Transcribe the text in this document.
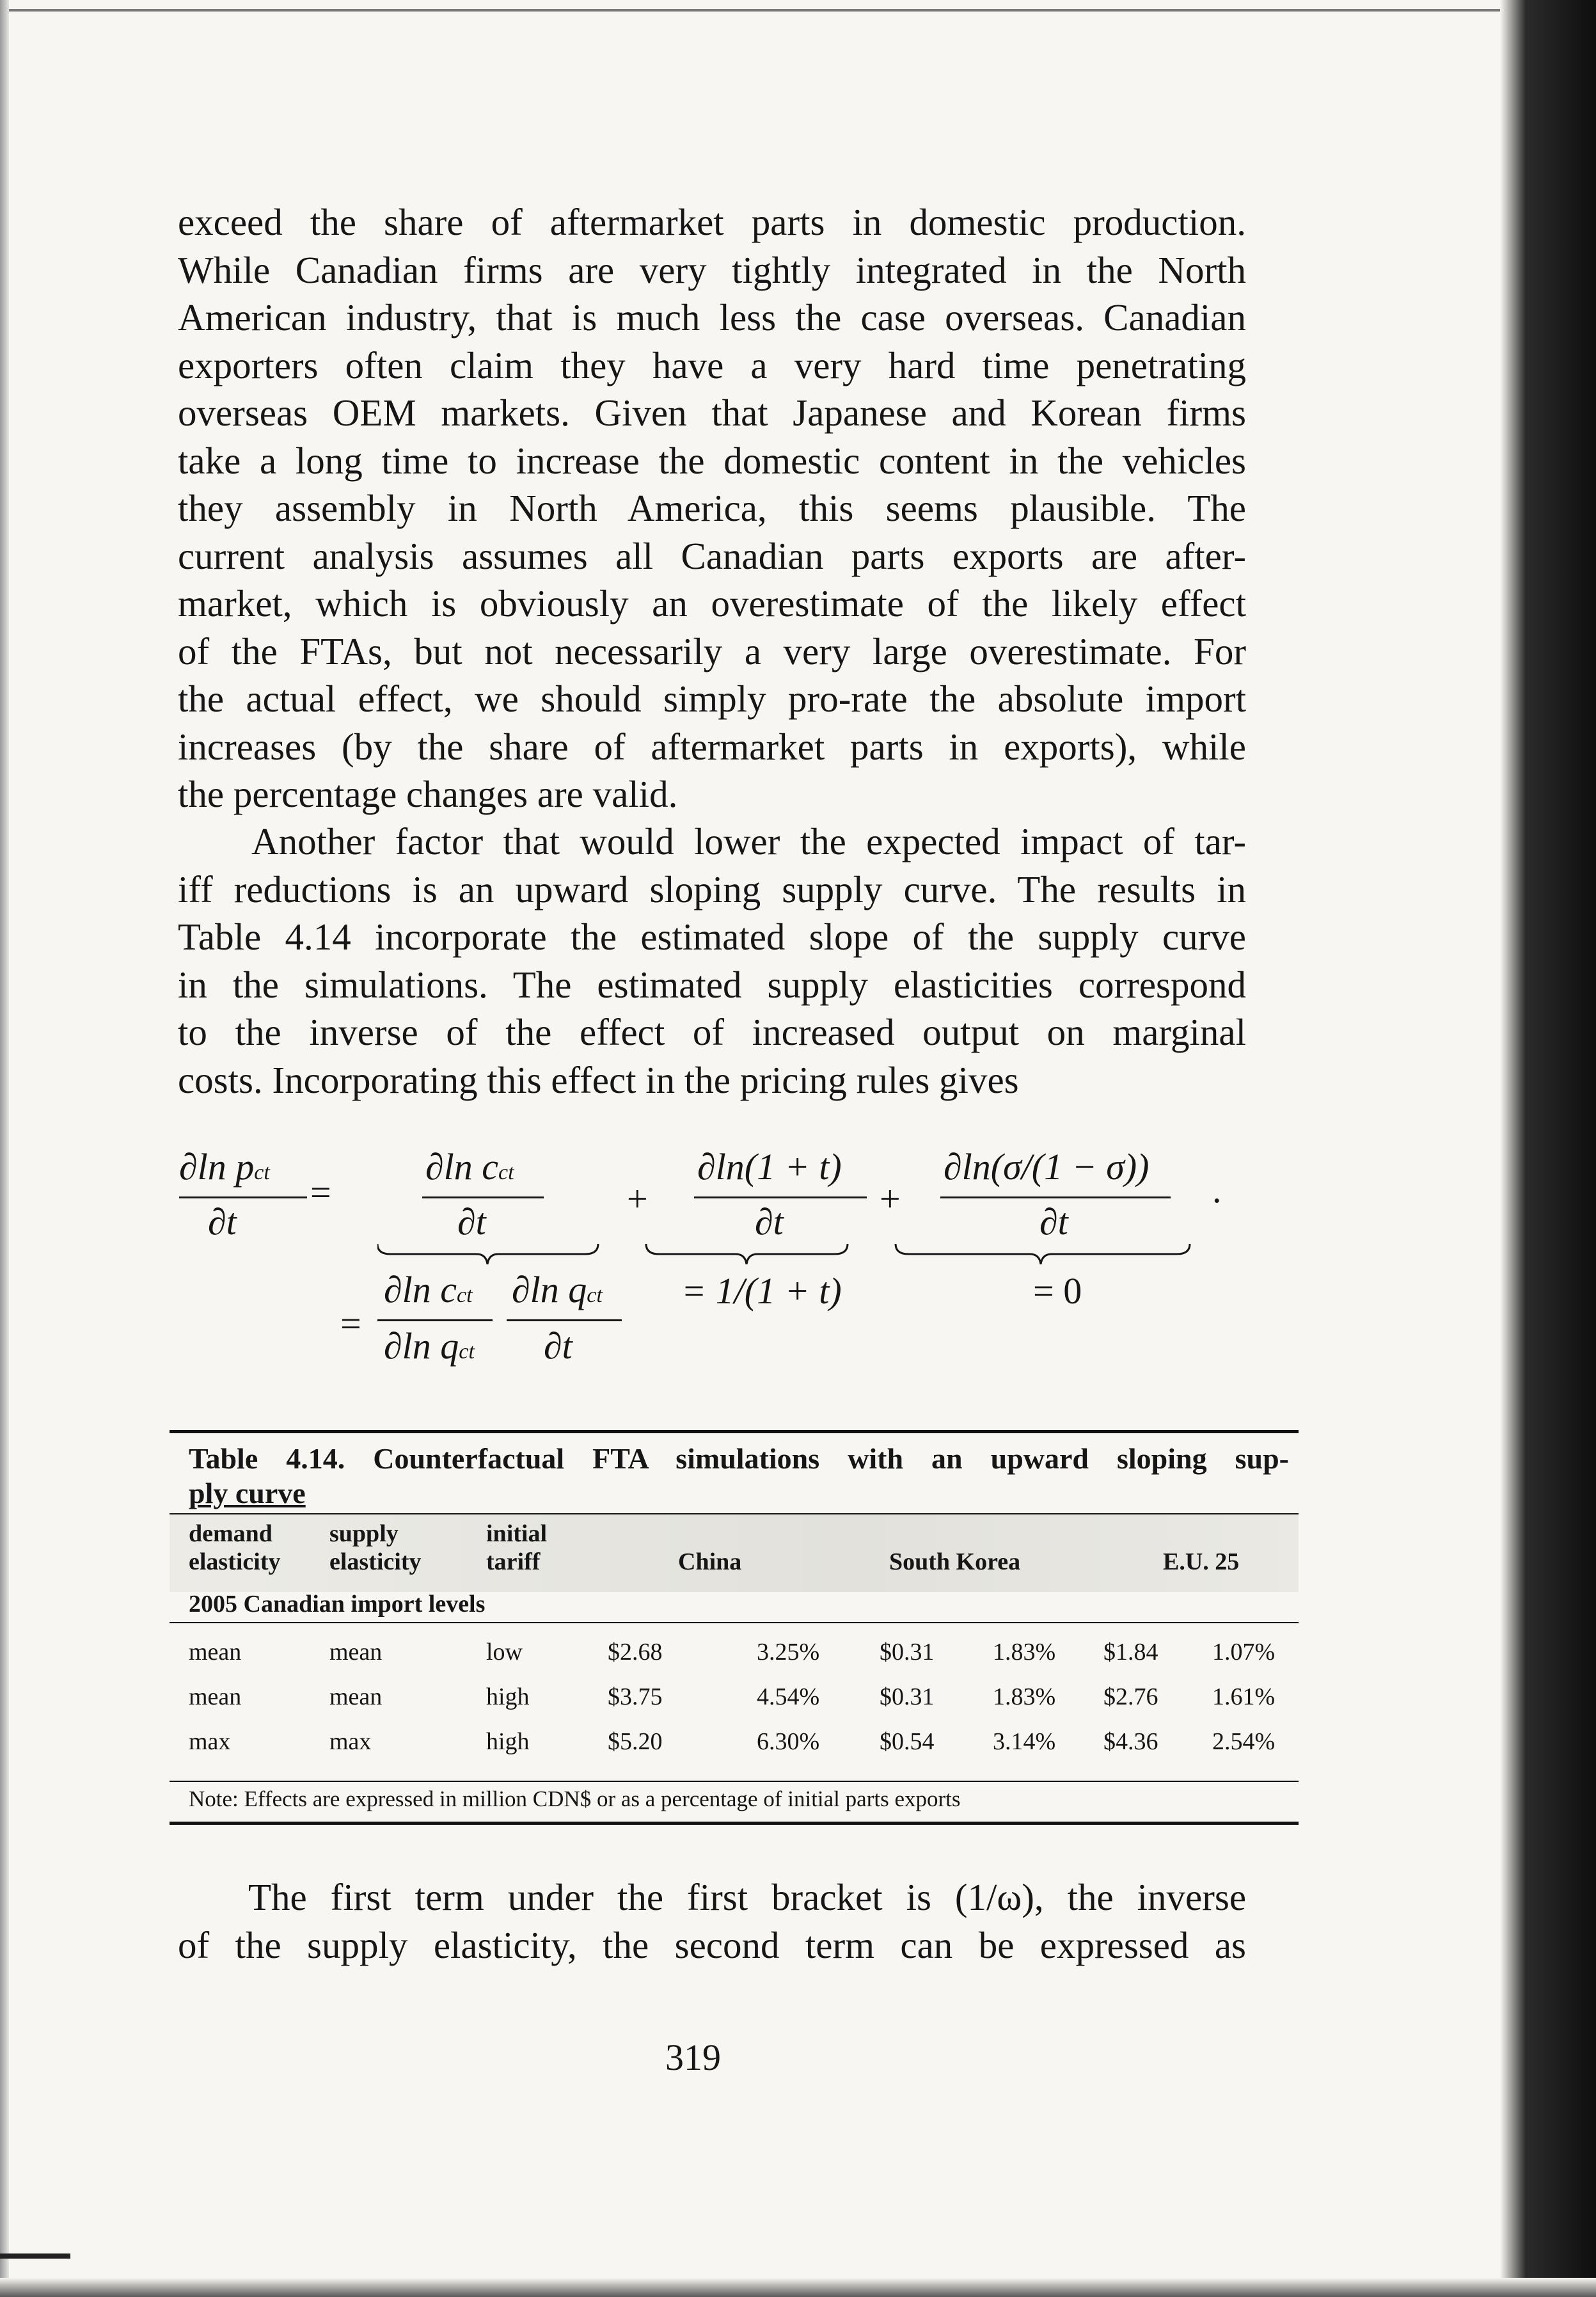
exceed the share of aftermarket parts in domestic production.
While Canadian firms are very tightly integrated in the North
American industry, that is much less the case overseas. Canadian
exporters often claim they have a very hard time penetrating
overseas OEM markets. Given that Japanese and Korean firms
take a long time to increase the domestic content in the vehicles
they assembly in North America, this seems plausible. The
current analysis assumes all Canadian parts exports are after-
market, which is obviously an overestimate of the likely effect
of the FTAs, but not necessarily a very large overestimate. For
the actual effect, we should simply pro-rate the absolute import
increases (by the share of aftermarket parts in exports), while
the percentage changes are valid.
Another factor that would lower the expected impact of tar-
iff reductions is an upward sloping supply curve. The results in
Table 4.14 incorporate the estimated slope of the supply curve
in the simulations. The estimated supply elasticities correspond
to the inverse of the effect of increased output on marginal
costs. Incorporating this effect in the pricing rules gives
∂ln pct
∂t
=
∂ln cct
∂t
+
∂ln(1 + t)
∂t
+
∂ln(σ/(1 − σ))
∂t
.
=
∂ln cct ∂ln qct
∂ln qct ∂t
= 1/(1 + t)	= 0
Table 4.14. Counterfactual FTA simulations with an upward sloping sup-
ply curve
demand
elasticity
supply
elasticity
initial
tariff	China	South Korea	E.U. 25
2005 Canadian import levels
mean	mean	low	$2.68	3.25% $0.31 1.83% $1.84 1.07%
mean	mean	high	$3.75	4.54% $0.31 1.83% $2.76 1.61%
max	max	high	$5.20	6.30% $0.54 3.14% $4.36 2.54%
Note: Effects are expressed in million CDN$ or as a percentage of initial parts exports
The first term under the first bracket is (1/ω), the inverse
of the supply elasticity, the second term can be expressed as
319
